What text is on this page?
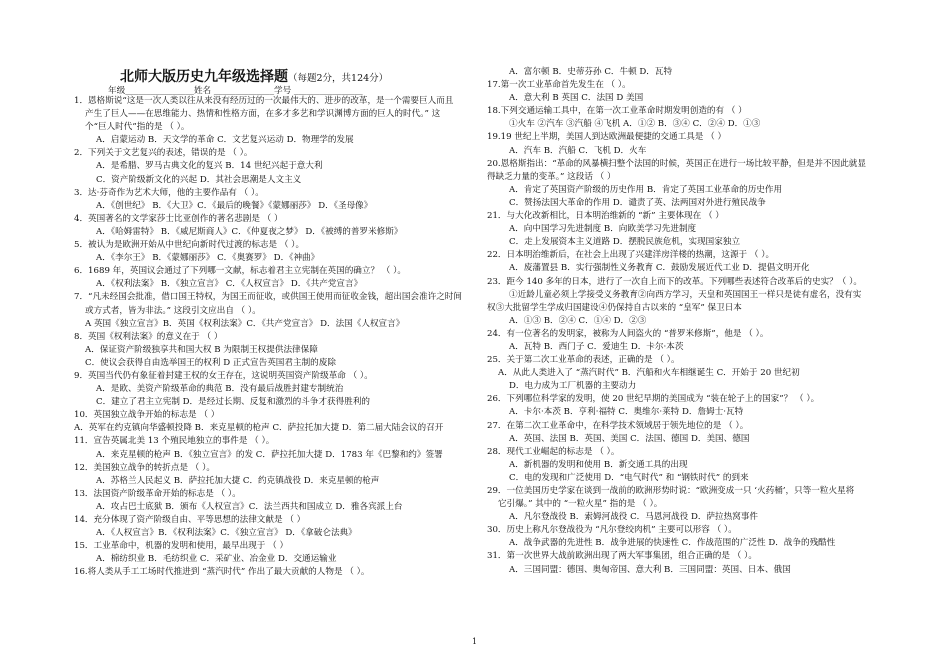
北师大版历史九年级选择题（每题2分，共124分）
年级________________姓名 ______________学号 ________________
1．恩格斯说“这是一次人类以往从来没有经历过的一次最伟大的、进步的改革，是一个需要巨人而且
产生了巨人——在思维能力、热情和性格方面，在多才多艺和学识渊博方面的巨人的时代。” 这
个“巨人时代”指的是 （ ）。
A．启蒙运动 B．天文学的革命 C．文艺复兴运动 D．物理学的发展
2．下列关于文艺复兴的表述，错误的是 （ ）。
A．是希腊、罗马古典文化的复兴 B．14 世纪兴起于意大利
C．资产阶级新文化的兴起 D．其社会思潮是人文主义
3．达·芬奇作为艺术大师，他的主要作品有 （ ）。
A．《创世纪》 B．《大卫》C．《最后的晚餐》《蒙娜丽莎》 D．《圣母像》
4．英国著名的文学家莎士比亚创作的著名悲剧是 （ ）
A．《哈姆雷特》 B．《威尼斯商人》C．《仲夏夜之梦》 D．《被缚的普罗米修斯》
5．被认为是欧洲开始从中世纪向新时代过渡的标志是 （ ）。
A．《李尔王》 B．《蒙娜丽莎》 C．《奥赛罗》 D．《神曲》
6．1689 年，英国议会通过了下列哪一文献，标志着君主立宪制在英国的确立？ （ ）。
A．《权利法案》 B．《独立宣言》 C．《人权宣言》 D．《共产党宣言》
7．“凡未经国会批准，借口国王特权，为国王而征收，或供国王使用而征收金钱，超出国会准许之时间
或方式者，皆为非法。” 这段引文应出自 （ ）。
A 英国《独立宣言》B．英国《权利法案》C．《共产党宣言》 D．法国《人权宣言》
8．英国《权利法案》的意义在于 （ ）
A．保证资产阶级独享共和国大权 B 为限制王权提供法律保障
C．使议会获得自由选举国王的权利 D 正式宣告英国君主制的废除
9．英国当代仍有象征着封建王权的女王存在，这说明英国资产阶级革命 （ ）。
A．是欧、美资产阶级革命的典范 B．没有最后战胜封建专制统治
C．建立了君主立宪制 D．是经过长期、反复和激烈的斗争才获得胜利的
10．英国独立战争开始的标志是 （ ）
A．英军在约克镇向华盛顿投降 B．来克星顿的枪声 C．萨拉托加大捷 D．第二届大陆会议的召开
11．宣告英属北美 13 个殖民地独立的事件是 （ ）。
A．来克星顿的枪声 B．《独立宣言》的发 C．萨拉托加大捷 D．1783 年《巴黎和约》签署
12．美国独立战争的转折点是 （ ）。
A．苏格兰人民起义 B．萨拉托加大捷 C．约克镇战役 D．来克星顿的枪声
13．法国资产阶级革命开始的标志是 （ ）。
A．攻占巴士底狱 B．颁布《人权宣言》C．法兰西共和国成立 D．雅各宾派上台
14．充分体现了资产阶级自由、平等思想的法律文献是 （ ）
A．《人权宣言》B．《权利法案》C．《独立宣言》 D．《拿破仑法典》
15．工业革命中，机器的发明和使用，最早出现于 （ ）
A．棉纺织业 B．毛纺织业 C．采矿业、冶金业 D．交通运输业
16.将人类从手工工场时代推进到 “蒸汽时代” 作出了最大贡献的人物是 （ ）。
A．富尔顿 B．史蒂芬孙 C．牛顿 D．瓦特
17.第一次工业革命首先发生在 （ ）。
A．意大利 B 英国 C．法国 D 美国
18.下列交通运输工具中，在第一次工业革命时期发明创造的有 （ ）
①火车 ②汽车 ③汽船 ④飞机 A．①② B．③④ C．②④ D．①③
19.19 世纪上半期，美国人到达欧洲最便捷的交通工具是 （ ）
A．汽车 B．汽船 C．飞机 D．火车
20.恩格斯指出：“革命的风暴横扫整个法国的时候，英国正在进行一场比较平静，但是并不因此就显
得缺乏力量的变革。” 这段话 （ ）
A．肯定了英国资产阶级的历史作用 B．肯定了英国工业革命的历史作用
C．赞扬法国大革命的作用 D．谴责了英、法两国对外进行殖民战争
21．与大化改新相比，日本明治维新的 “新” 主要体现在 （ ）
A．向中国学习先进制度 B．向欧美学习先进制度
C．走上发展资本主义道路 D．摆脱民族危机，实现国家独立
22．日本明治维新后，在社会上出现了兴建洋房洋楼的热潮，这源于 （ ）。
A．废藩置县 B．实行强制性义务教育 C．鼓励发展近代工业 D．提倡文明开化
23．距今 140 多年的日本，进行了一次自上而下的改革。下列哪些表述符合改革后的史实？（ ）。
①近龄儿童必须上学接受义务教育②向西方学习，天皇和英国国王一样只是徒有虚名，没有实
权③大批留学生学成归国建设④仍保持自古以来的 “皇军” 保卫日本
A．①③ B．②④ C．①④ D．②③
24．有一位著名的发明家，被称为人间盗火的 “普罗米修斯”，他是 （ ）。
A．瓦特 B．西门子 C．爱迪生 D．卡尔·本茨
25．关于第二次工业革命的表述，正确的是 （ ）。
A．从此人类进入了 “蒸汽时代” B．汽船和火车相继诞生 C．开始于 20 世纪初
D．电力成为工厂机器的主要动力
26．下列哪位科学家的发明，使 20 世纪早期的美国成为 “装在轮子上的国家”？ （ ）。
A．卡尔·本茨 B．亨利·福特 C．奥维尔·莱特 D．詹姆士·瓦特
27．在第二次工业革命中，在科学技术领域居于领先地位的是 （ ）。
A．英国、法国 B．英国、美国 C．法国、德国 D．美国、德国
28．现代工业崛起的标志是 （ ）。
A．新机器的发明和使用 B．新交通工具的出现
C．电的发现和广泛使用 D．“电气时代” 和 “钢铁时代” 的到来
29．一位美国历史学家在谈到一战前的欧洲形势时说：“欧洲变成一只 ‘火药桶’，只等一粒火星将
它引爆。” 其中的 “一粒火星” 指的是 （ ）。
A．凡尔登战役 B．索姆河战役 C．马恩河战役 D．萨拉热窝事件
30．历史上称凡尔登战役为 “凡尔登绞肉机” 主要可以形容 （ ）。
A．战争武器的先进性 B．战争进展的快速性 C．作战范围的广泛性 D．战争的残酷性
31．第一次世界大战前欧洲出现了两大军事集团，组合正确的是 （ ）。
A．三国同盟：德国、奥匈帝国、意大利 B．三国同盟：英国、日本、俄国
1
